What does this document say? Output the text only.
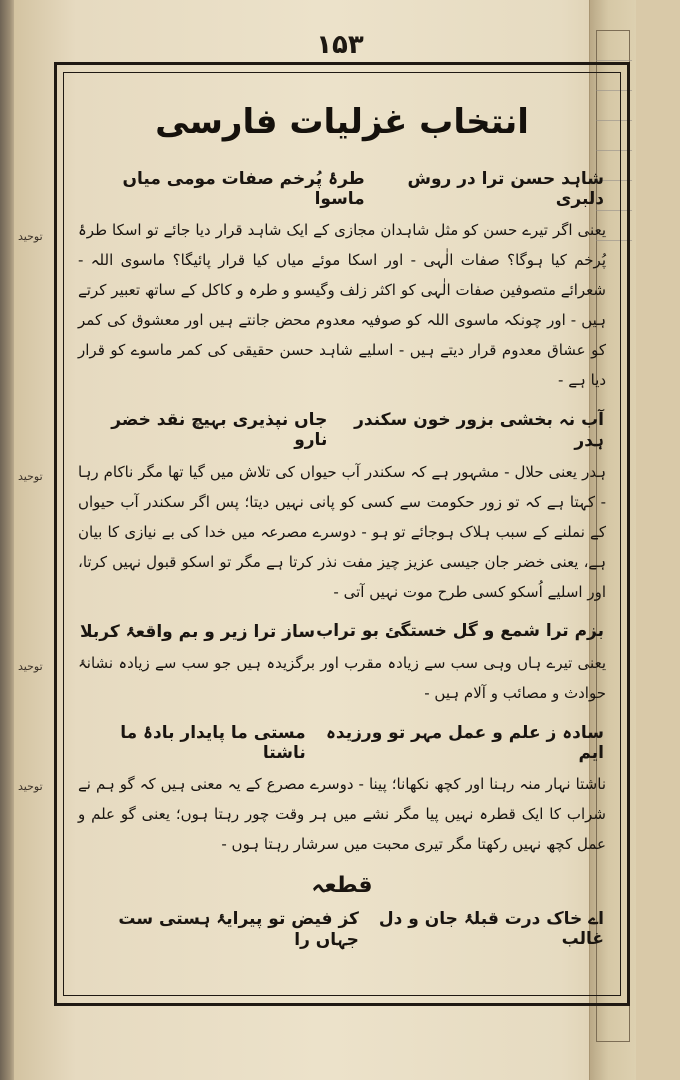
۱۵۳
توحید
توحید
توحید
توحید
انتخاب غزلیات فارسی
شاہد حسن ترا در روش دلبری
طرۂ پُرخم صفات مومی میاں ماسوا
یعنی اگر تیرے حسن کو مثل شاہدان مجازی کے ایک شاہد قرار دیا جائے تو اسکا طرۂ پُرخم کیا ہوگا؟ صفات الٰہی - اور اسکا موئے میاں کیا قرار پائیگا؟ ماسوی اللہ - شعرائے متصوفین صفات الٰہی کو اکثر زلف وگیسو و طرہ و کاکل کے ساتھ تعبیر کرتے ہیں - اور چونکہ ماسوی اللہ کو صوفیہ معدوم محض جانتے ہیں اور معشوق کی کمر کو عشاق معدوم قرار دیتے ہیں - اسلیے شاہد حسن حقیقی کی کمر ماسوے کو قرار دیا ہے -
آب نہ بخشی بزور خون سکندر ہدر
جاں نپذیری بہیچ نقد خضر نارو
ہدر یعنی حلال - مشہور ہے کہ سکندر آب حیواں کی تلاش میں گیا تھا مگر ناکام رہا - کہتا ہے کہ تو زور حکومت سے کسی کو پانی نہیں دیتا؛ پس اگر سکندر آب حیواں کے نملنے کے سبب ہلاک ہوجائے تو ہو - دوسرے مصرعہ میں خدا کی بے نیازی کا بیان ہے، یعنی خضر جان جیسی عزیز چیز مفت نذر کرتا ہے مگر تو اسکو قبول نہیں کرتا، اور اسلیے اُسکو کسی طرح موت نہیں آتی -
بزم ترا شمع و گل خستگئ بو تراب
ساز ترا زیر و بم واقعۂ کربلا
یعنی تیرے ہاں وہی سب سے زیادہ مقرب اور برگزیدہ ہیں جو سب سے زیادہ نشانۂ حوادث و مصائب و آلام ہیں -
سادہ ز علم و عمل مہر تو ورزیدہ ایم
مستی ما پایدار بادۂ ما ناشتا
ناشتا نہار منہ رہنا اور کچھ نکھانا؛ پینا - دوسرے مصرع کے یہ معنی ہیں کہ گو ہم نے شراب کا ایک قطرہ نہیں پیا مگر نشے میں ہر وقت چور رہتا ہوں؛ یعنی گو علم و عمل کچھ نہیں رکھتا مگر تیری محبت میں سرشار رہتا ہوں -
قطعہ
اے خاک درت قبلۂ جان و دل غالب
کز فیض تو پیرایۂ ہستی ست جہاں را
